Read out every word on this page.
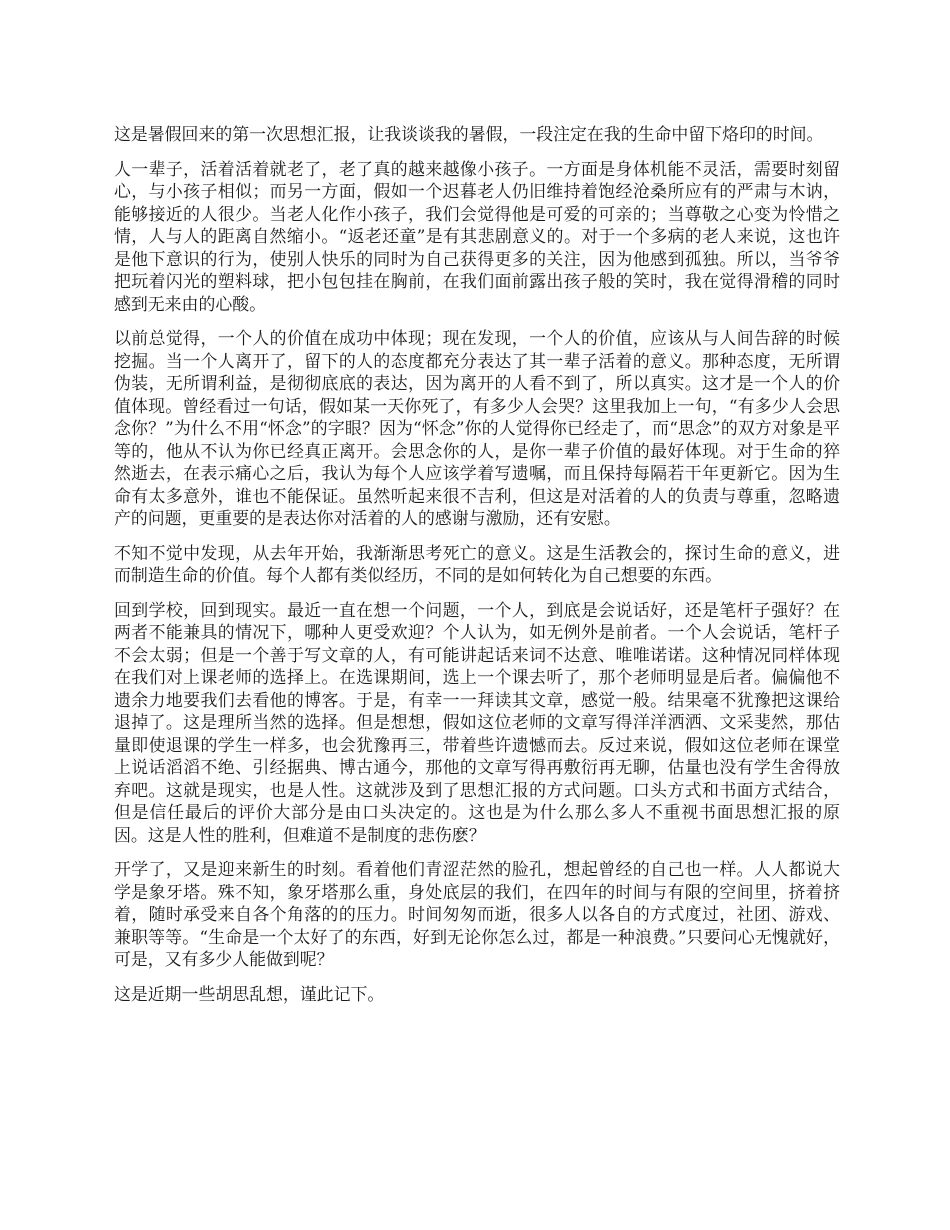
这是暑假回来的第一次思想汇报，让我谈谈我的暑假，一段注定在我的生命中留下烙印的时间。

人一辈子，活着活着就老了，老了真的越来越像小孩子。一方面是身体机能不灵活，需要时刻留心，与小孩子相似；而另一方面，假如一个迟暮老人仍旧维持着饱经沧桑所应有的严肃与木讷，能够接近的人很少。当老人化作小孩子，我们会觉得他是可爱的可亲的；当尊敬之心变为怜惜之情，人与人的距离自然缩小。“返老还童”是有其悲剧意义的。对于一个多病的老人来说，这也许是他下意识的行为，使别人快乐的同时为自己获得更多的关注，因为他感到孤独。所以，当爷爷把玩着闪光的塑料球，把小包包挂在胸前，在我们面前露出孩子般的笑时，我在觉得滑稽的同时感到无来由的心酸。

以前总觉得，一个人的价值在成功中体现；现在发现，一个人的价值，应该从与人间告辞的时候挖掘。当一个人离开了，留下的人的态度都充分表达了其一辈子活着的意义。那种态度，无所谓伪装，无所谓利益，是彻彻底底的表达，因为离开的人看不到了，所以真实。这才是一个人的价值体现。曾经看过一句话，假如某一天你死了，有多少人会哭？这里我加上一句，“有多少人会思念你？”为什么不用“怀念”的字眼？因为“怀念”你的人觉得你已经走了，而“思念”的双方对象是平等的，他从不认为你已经真正离开。会思念你的人，是你一辈子价值的最好体现。对于生命的猝然逝去，在表示痛心之后，我认为每个人应该学着写遗嘱，而且保持每隔若干年更新它。因为生命有太多意外，谁也不能保证。虽然听起来很不吉利，但这是对活着的人的负责与尊重，忽略遗产的问题，更重要的是表达你对活着的人的感谢与激励，还有安慰。

不知不觉中发现，从去年开始，我渐渐思考死亡的意义。这是生活教会的，探讨生命的意义，进而制造生命的价值。每个人都有类似经历，不同的是如何转化为自己想要的东西。

回到学校，回到现实。最近一直在想一个问题，一个人，到底是会说话好，还是笔杆子强好？在两者不能兼具的情况下，哪种人更受欢迎？个人认为，如无例外是前者。一个人会说话，笔杆子不会太弱；但是一个善于写文章的人，有可能讲起话来词不达意、唯唯诺诺。这种情况同样体现在我们对上课老师的选择上。在选课期间，选上一个课去听了，那个老师明显是后者。偏偏他不遗余力地要我们去看他的博客。于是，有幸一一拜读其文章，感觉一般。结果毫不犹豫把这课给退掉了。这是理所当然的选择。但是想想，假如这位老师的文章写得洋洋洒洒、文采斐然，那估量即使退课的学生一样多，也会犹豫再三，带着些许遗憾而去。反过来说，假如这位老师在课堂上说话滔滔不绝、引经据典、博古通今，那他的文章写得再敷衍再无聊，估量也没有学生舍得放弃吧。这就是现实，也是人性。这就涉及到了思想汇报的方式问题。口头方式和书面方式结合，但是信任最后的评价大部分是由口头决定的。这也是为什么那么多人不重视书面思想汇报的原因。这是人性的胜利，但难道不是制度的悲伤麽？

开学了，又是迎来新生的时刻。看着他们青涩茫然的脸孔，想起曾经的自己也一样。人人都说大学是象牙塔。殊不知，象牙塔那么重，身处底层的我们，在四年的时间与有限的空间里，挤着挤着，随时承受来自各个角落的的压力。时间匆匆而逝，很多人以各自的方式度过，社团、游戏、兼职等等。“生命是一个太好了的东西，好到无论你怎么过，都是一种浪费。”只要问心无愧就好，可是，又有多少人能做到呢？

这是近期一些胡思乱想，谨此记下。
